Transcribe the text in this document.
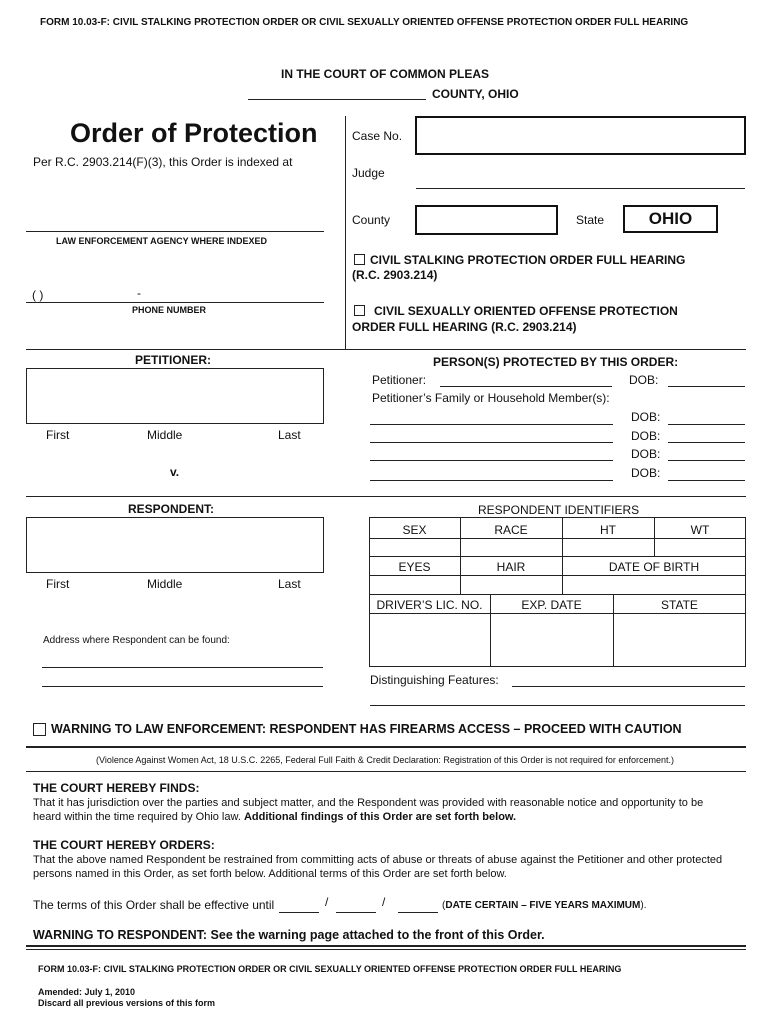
FORM 10.03-F: CIVIL STALKING PROTECTION ORDER OR CIVIL SEXUALLY ORIENTED OFFENSE PROTECTION ORDER FULL HEARING
IN THE COURT OF COMMON PLEAS
COUNTY, OHIO
Order of Protection
Per R.C. 2903.214(F)(3), this Order is indexed at
LAW ENFORCEMENT AGENCY WHERE INDEXED
( )	-
PHONE NUMBER
Case No.
Judge
County	State	OHIO
CIVIL STALKING PROTECTION ORDER FULL HEARING
(R.C. 2903.214)
CIVIL SEXUALLY ORIENTED OFFENSE PROTECTION
ORDER FULL HEARING (R.C. 2903.214)
PETITIONER:
First	Middle	Last
v.
PERSON(S) PROTECTED BY THIS ORDER:
Petitioner:	DOB:
Petitioner’s Family or Household Member(s):
DOB:
DOB:
DOB:
DOB:
RESPONDENT:
First	Middle	Last
Address where Respondent can be found:
RESPONDENT IDENTIFIERS
SEX	RACE	HT	WT
EYES	HAIR	DATE OF BIRTH
DRIVER’S LIC. NO.	EXP. DATE	STATE
Distinguishing Features:
WARNING TO LAW ENFORCEMENT: RESPONDENT HAS FIREARMS ACCESS – PROCEED WITH CAUTION
(Violence Against Women Act, 18 U.S.C. 2265, Federal Full Faith & Credit Declaration: Registration of this Order is not required for enforcement.)
THE COURT HEREBY FINDS:
That it has jurisdiction over the parties and subject matter, and the Respondent was provided with reasonable notice and opportunity to be heard within the time required by Ohio law. Additional findings of this Order are set forth below.
THE COURT HEREBY ORDERS:
That the above named Respondent be restrained from committing acts of abuse or threats of abuse against the Petitioner and other protected persons named in this Order, as set forth below. Additional terms of this Order are set forth below.
The terms of this Order shall be effective until	/	/	(DATE CERTAIN – FIVE YEARS MAXIMUM).
WARNING TO RESPONDENT: See the warning page attached to the front of this Order.
FORM 10.03-F: CIVIL STALKING PROTECTION ORDER OR CIVIL SEXUALLY ORIENTED OFFENSE PROTECTION ORDER FULL HEARING
Amended: July 1, 2010
Discard all previous versions of this form
